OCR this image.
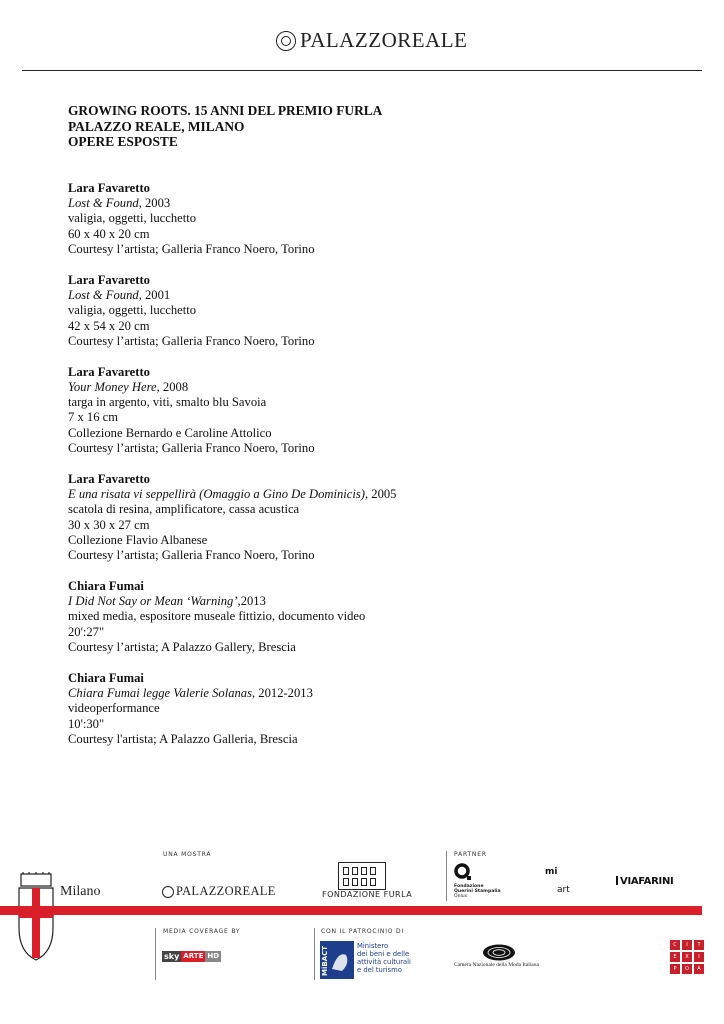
PALAZZOREALE
GROWING ROOTS. 15 ANNI DEL PREMIO FURLA
PALAZZO REALE, MILANO
OPERE ESPOSTE
Lara Favaretto
Lost & Found, 2003
valigia, oggetti, lucchetto
60 x 40 x 20 cm
Courtesy l’artista; Galleria Franco Noero, Torino
Lara Favaretto
Lost & Found, 2001
valigia, oggetti, lucchetto
42 x 54 x 20 cm
Courtesy l’artista; Galleria Franco Noero, Torino
Lara Favaretto
Your Money Here, 2008
targa in argento, viti, smalto blu Savoia
7 x 16 cm
Collezione Bernardo e Caroline Attolico
Courtesy l’artista; Galleria Franco Noero, Torino
Lara Favaretto
E una risata vi seppellirà (Omaggio a Gino De Dominicis), 2005
scatola di resina, amplificatore, cassa acustica
30 x 30 x 27 cm
Collezione Flavio Albanese
Courtesy l’artista; Galleria Franco Noero, Torino
Chiara Fumai
I Did Not Say or Mean ‘Warning’,2013
mixed media, espositore museale fittizio, documento video
20':27"
Courtesy l’artista; A Palazzo Gallery, Brescia
Chiara Fumai
Chiara Fumai legge Valerie Solanas, 2012-2013
videoperformance
10':30"
Courtesy l'artista; A Palazzo Galleria, Brescia
UNA MOSTRA	PARTNER
Milano	PALAZZOREALE	FONDAZIONE FURLA
Fondazione
Querini Stampalia
Onlus
mi
art
VIAFARINI
MEDIA COVERAGE BY	CON IL PATROCINIO DI
sky ARTE HD	MiBACT	Ministero
dei beni e delle
attività culturali
e del turismo
Camera Nazionale della Moda Italiana
C	I	T
E	X	I
P	O	A
